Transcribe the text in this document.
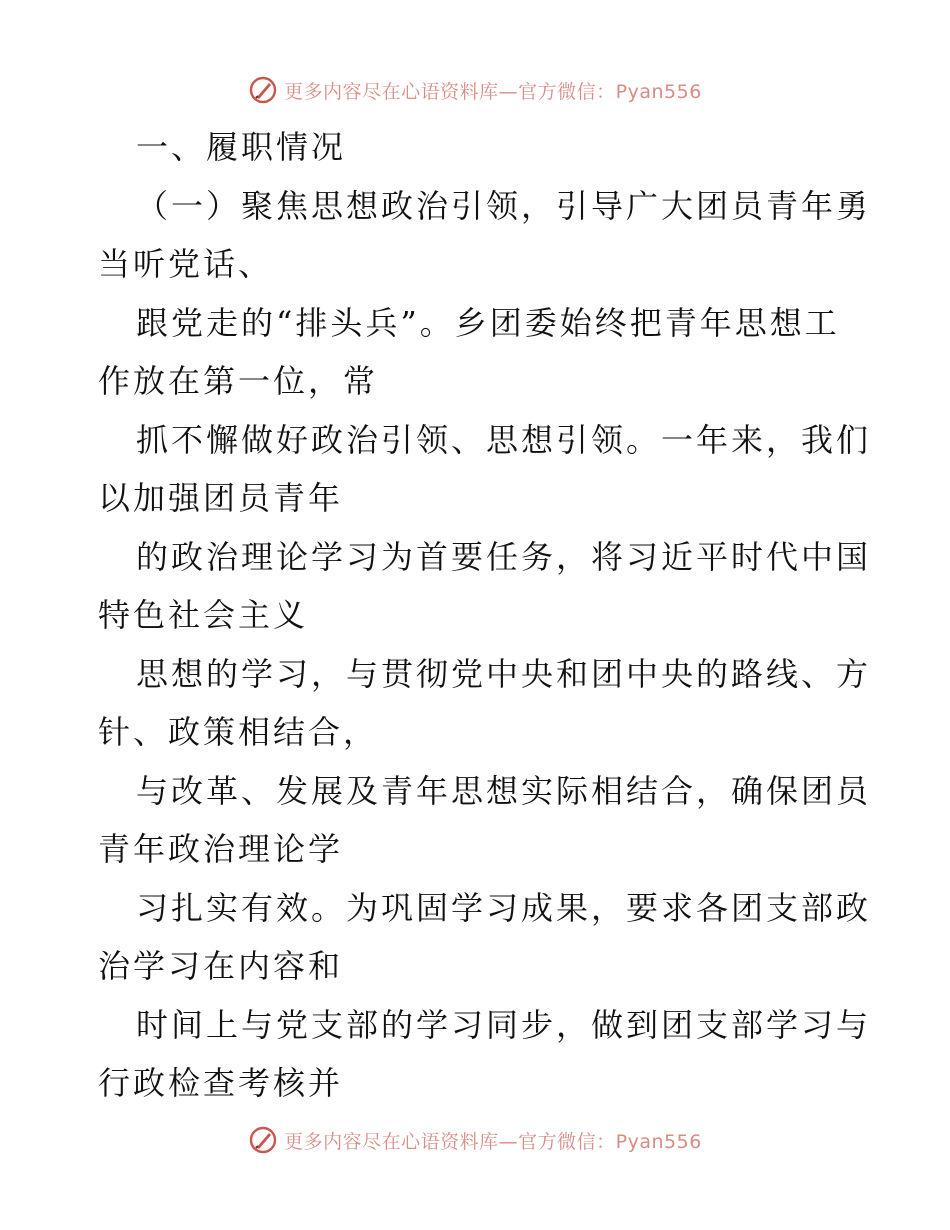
更多内容尽在心语资料库—官方微信：Pyan556
一、履职情况
（一）聚焦思想政治引领，引导广大团员青年勇
当听党话、
跟党走的“排头兵”。乡团委始终把青年思想工
作放在第一位，常
抓不懈做好政治引领、思想引领。一年来，我们
以加强团员青年
的政治理论学习为首要任务，将习近平时代中国
特色社会主义
思想的学习，与贯彻党中央和团中央的路线、方
针、政策相结合，
与改革、发展及青年思想实际相结合，确保团员
青年政治理论学
习扎实有效。为巩固学习成果，要求各团支部政
治学习在内容和
时间上与党支部的学习同步，做到团支部学习与
行政检查考核并
更多内容尽在心语资料库—官方微信：Pyan556
